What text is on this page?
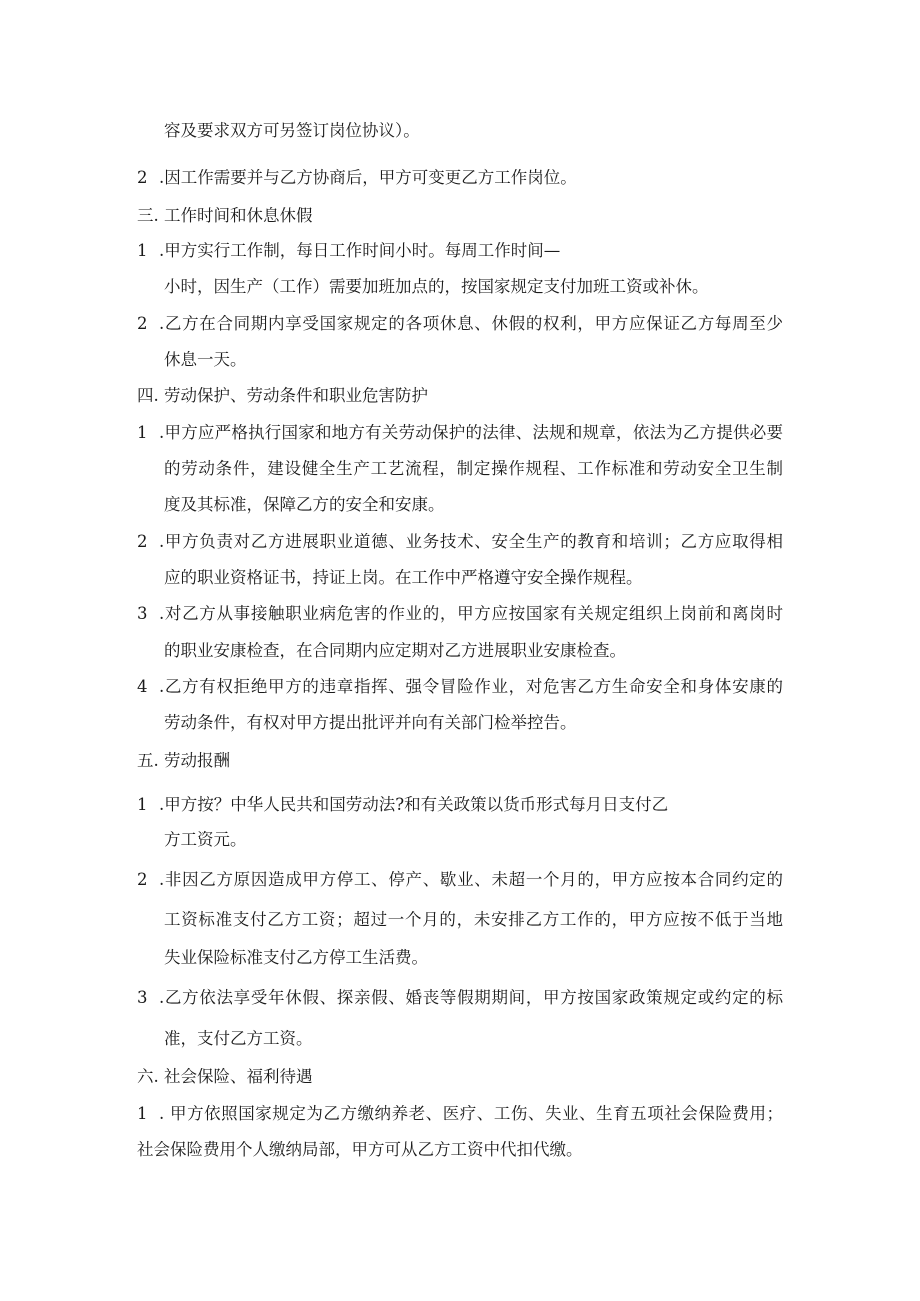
容及要求双方可另签订岗位协议）。
2 .因工作需要并与乙方协商后，甲方可变更乙方工作岗位。
三. 工作时间和休息休假
1 .甲方实行工作制，每日工作时间小时。每周工作时间—
小时，因生产（工作）需要加班加点的，按国家规定支付加班工资或补休。
2 .乙方在合同期内享受国家规定的各项休息、休假的权利，甲方应保证乙方每周至少
休息一天。
四. 劳动保护、劳动条件和职业危害防护
1 .甲方应严格执行国家和地方有关劳动保护的法律、法规和规章，依法为乙方提供必要
的劳动条件，建设健全生产工艺流程，制定操作规程、工作标准和劳动安全卫生制
度及其标准，保障乙方的安全和安康。
2 .甲方负责对乙方进展职业道德、业务技术、安全生产的教育和培训；乙方应取得相
应的职业资格证书，持证上岗。在工作中严格遵守安全操作规程。
3 .对乙方从事接触职业病危害的作业的，甲方应按国家有关规定组织上岗前和离岗时
的职业安康检查，在合同期内应定期对乙方进展职业安康检查。
4 .乙方有权拒绝甲方的违章指挥、强令冒险作业，对危害乙方生命安全和身体安康的
劳动条件，有权对甲方提出批评并向有关部门检举控告。
五. 劳动报酬
1 .甲方按？中华人民共和国劳动法?和有关政策以货币形式每月日支付乙
方工资元。
2 .非因乙方原因造成甲方停工、停产、歇业、未超一个月的，甲方应按本合同约定的
工资标准支付乙方工资；超过一个月的，未安排乙方工作的，甲方应按不低于当地
失业保险标准支付乙方停工生活费。
3 .乙方依法享受年休假、探亲假、婚丧等假期期间，甲方按国家政策规定或约定的标
准，支付乙方工资。
六. 社会保险、福利待遇
1 . 甲方依照国家规定为乙方缴纳养老、医疗、工伤、失业、生育五项社会保险费用；
社会保险费用个人缴纳局部，甲方可从乙方工资中代扣代缴。
